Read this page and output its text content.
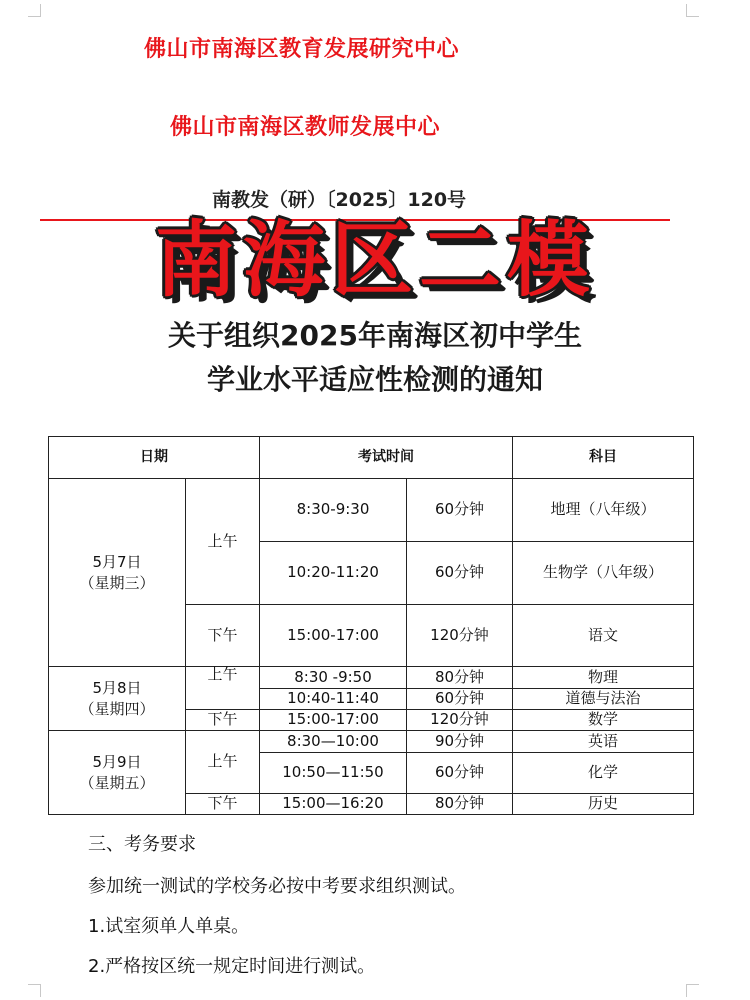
佛山市南海区教育发展研究中心
佛山市南海区教师发展中心
南教发（研）〔2025〕120号
南海区二模
关于组织2025年南海区初中学生
学业水平适应性检测的通知
日期		考试时间		科目

5月7日
（星期三）	上午	8:30-9:30	60分钟	地理（八年级）
		10:20-11:20	60分钟	生物学（八年级）
	下午	15:00-17:00	120分钟	语文

5月8日
（星期四）	上午	8:30 -9:50	80分钟	物理
		10:40-11:40	60分钟	道德与法治
	下午	15:00-17:00	120分钟	数学

5月9日
（星期五）	上午	8:30—10:00	90分钟	英语
		10:50—11:50	60分钟	化学
	下午	15:00—16:20	80分钟	历史
三、考务要求
参加统一测试的学校务必按中考要求组织测试。
1.试室须单人单桌。
2.严格按区统一规定时间进行测试。
